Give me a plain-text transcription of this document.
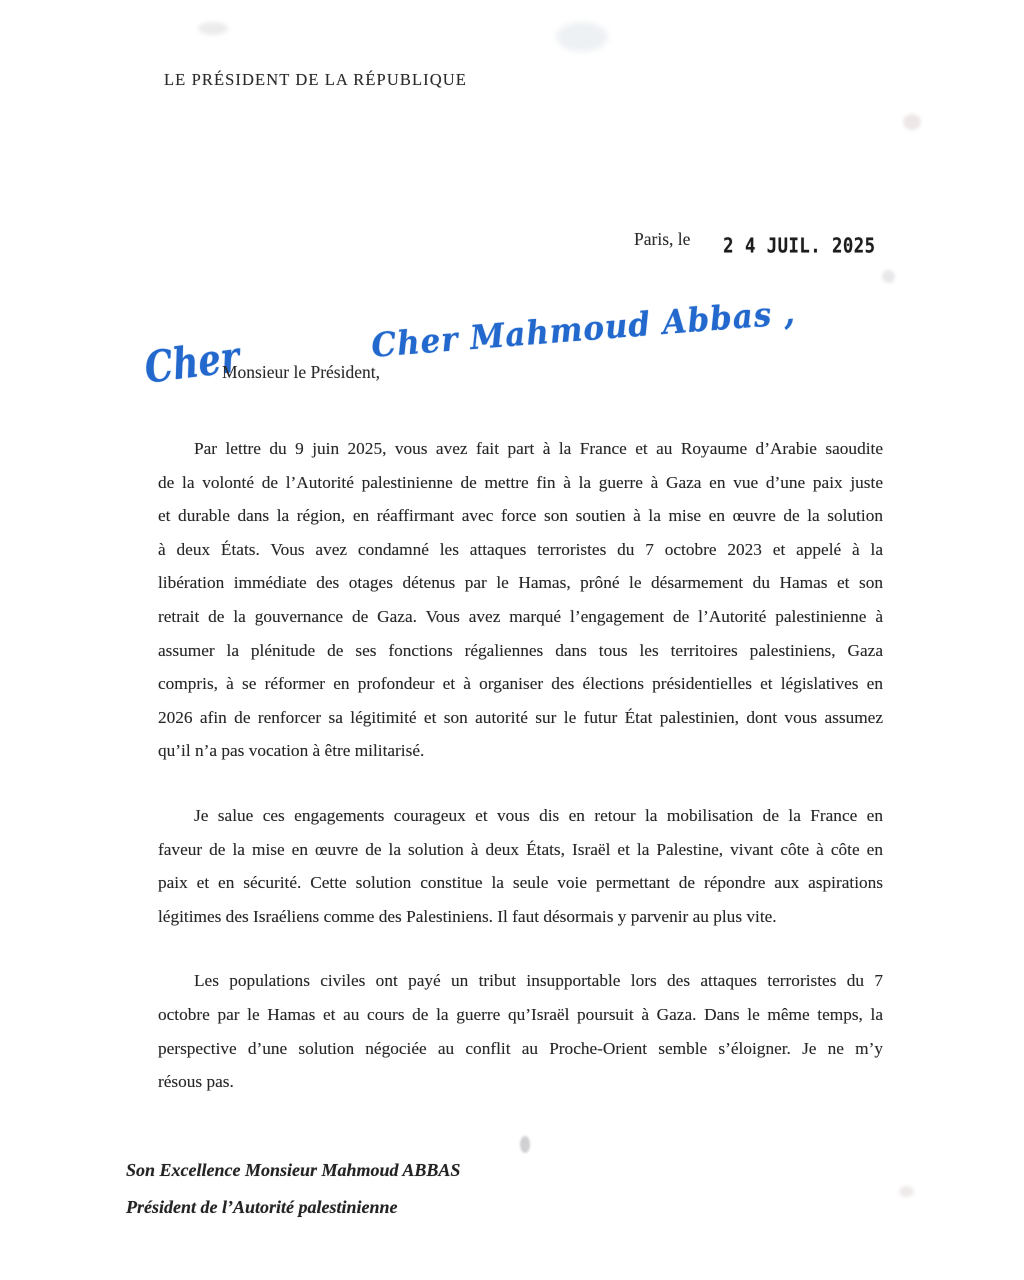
LE PRÉSIDENT DE LA RÉPUBLIQUE
Paris, le 2 4 JUIL. 2025
Cher	Cher Mahmoud Abbas ,
Monsieur le Président,
Par lettre du 9 juin 2025, vous avez fait part à la France et au Royaume d’Arabie saoudite
de la volonté de l’Autorité palestinienne de mettre fin à la guerre à Gaza en vue d’une paix juste
et durable dans la région, en réaffirmant avec force son soutien à la mise en œuvre de la solution
à deux États. Vous avez condamné les attaques terroristes du 7 octobre 2023 et appelé à la
libération immédiate des otages détenus par le Hamas, prôné le désarmement du Hamas et son
retrait de la gouvernance de Gaza. Vous avez marqué l’engagement de l’Autorité palestinienne à
assumer la plénitude de ses fonctions régaliennes dans tous les territoires palestiniens, Gaza
compris, à se réformer en profondeur et à organiser des élections présidentielles et législatives en
2026 afin de renforcer sa légitimité et son autorité sur le futur État palestinien, dont vous assumez
qu’il n’a pas vocation à être militarisé.
Je salue ces engagements courageux et vous dis en retour la mobilisation de la France en
faveur de la mise en œuvre de la solution à deux États, Israël et la Palestine, vivant côte à côte en
paix et en sécurité. Cette solution constitue la seule voie permettant de répondre aux aspirations
légitimes des Israéliens comme des Palestiniens. Il faut désormais y parvenir au plus vite.
Les populations civiles ont payé un tribut insupportable lors des attaques terroristes du 7
octobre par le Hamas et au cours de la guerre qu’Israël poursuit à Gaza. Dans le même temps, la
perspective d’une solution négociée au conflit au Proche-Orient semble s’éloigner. Je ne m’y
résous pas.
Son Excellence Monsieur Mahmoud ABBAS
Président de l’Autorité palestinienne
